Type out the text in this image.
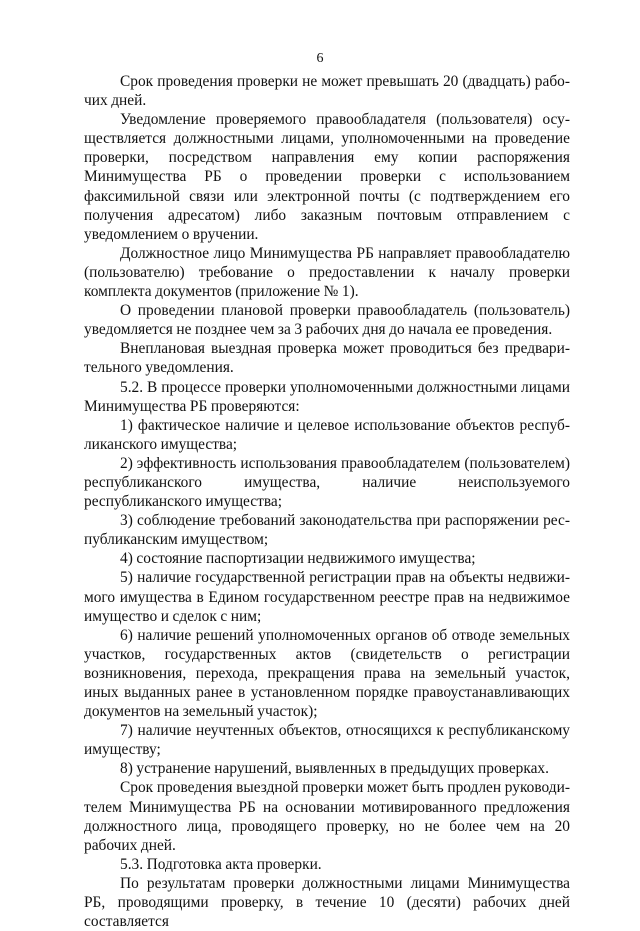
6

Срок проведения проверки не может превышать 20 (двадцать) рабочих дней.

Уведомление проверяемого правообладателя (пользователя) осуществляется должностными лицами, уполномоченными на проведение проверки, посредством направления ему копии распоряжения Минимущества РБ о проведении проверки с использованием факсимильной связи или электронной почты (с подтверждением его получения адресатом) либо заказным почтовым отправлением с уведомлением о вручении.

Должностное лицо Минимущества РБ направляет правообладателю (пользователю) требование о предоставлении к началу проверки комплекта документов (приложение № 1).

О проведении плановой проверки правообладатель (пользователь) уведомляется не позднее чем за 3 рабочих дня до начала ее проведения.

Внеплановая выездная проверка может проводиться без предварительного уведомления.

5.2. В процессе проверки уполномоченными должностными лицами Минимущества РБ проверяются:

1) фактическое наличие и целевое использование объектов республиканского имущества;

2) эффективность использования правообладателем (пользователем) республиканского имущества, наличие неиспользуемого республиканского имущества;

3) соблюдение требований законодательства при распоряжении республиканским имуществом;

4) состояние паспортизации недвижимого имущества;

5) наличие государственной регистрации прав на объекты недвижимого имущества в Едином государственном реестре прав на недвижимое имущество и сделок с ним;

6) наличие решений уполномоченных органов об отводе земельных участков, государственных актов (свидетельств о регистрации возникновения, перехода, прекращения права на земельный участок, иных выданных ранее в установленном порядке правоустанавливающих документов на земельный участок);

7) наличие неучтенных объектов, относящихся к республиканскому имуществу;

8) устранение нарушений, выявленных в предыдущих проверках.

Срок проведения выездной проверки может быть продлен руководителем Минимущества РБ на основании мотивированного предложения должностного лица, проводящего проверку, но не более чем на 20 рабочих дней.

5.3. Подготовка акта проверки.

По результатам проверки должностными лицами Минимущества РБ, проводящими проверку, в течение 10 (десяти) рабочих дней составляется
